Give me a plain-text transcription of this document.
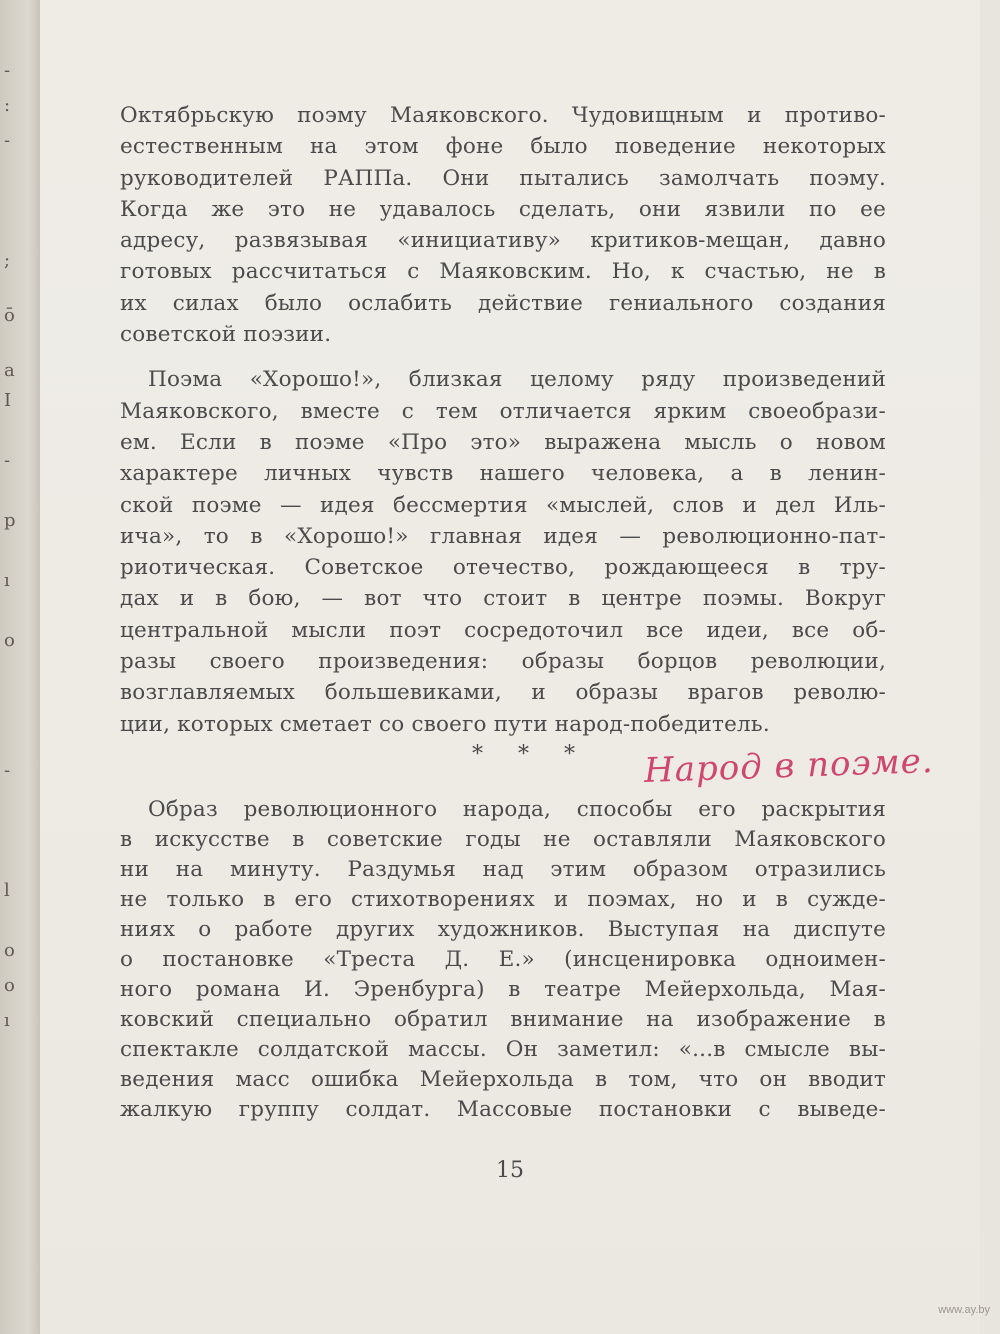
-
:
-
;
ō
a
I
-
p
ı
o
-
l
o
o
ı
Октябрьскую поэму Маяковского. Чудовищным и противо-
естественным на этом фоне было поведение некоторых
руководителей РАППа. Они пытались замолчать поэму.
Когда же это не удавалось сделать, они язвили по ее
адресу, развязывая «инициативу» критиков-мещан, давно
готовых рассчитаться с Маяковским. Но, к счастью, не в
их силах было ослабить действие гениального создания
советской поэзии.
Поэма «Хорошо!», близкая целому ряду произведений
Маяковского, вместе с тем отличается ярким своеобрази-
ем. Если в поэме «Про это» выражена мысль о новом
характере личных чувств нашего человека, а в ленин-
ской поэме — идея бессмертия «мыслей, слов и дел Иль-
ича», то в «Хорошо!» главная идея — революционно-пат-
риотическая. Советское отечество, рождающееся в тру-
дах и в бою, — вот что стоит в центре поэмы. Вокруг
центральной мысли поэт сосредоточил все идеи, все об-
разы своего произведения: образы борцов революции,
возглавляемых большевиками, и образы врагов револю-
ции, которых сметает со своего пути народ-победитель.
* * * Народ в поэме.
Образ революционного народа, способы его раскрытия
в искусстве в советские годы не оставляли Маяковского
ни на минуту. Раздумья над этим образом отразились
не только в его стихотворениях и поэмах, но и в сужде-
ниях о работе других художников. Выступая на диспуте
о постановке «Треста Д. Е.» (инсценировка одноимен-
ного романа И. Эренбурга) в театре Мейерхольда, Мая-
ковский специально обратил внимание на изображение в
спектакле солдатской массы. Он заметил: «...в смысле вы-
ведения масс ошибка Мейерхольда в том, что он вводит
жалкую группу солдат. Массовые постановки с выведе-
15
www.ay.by
